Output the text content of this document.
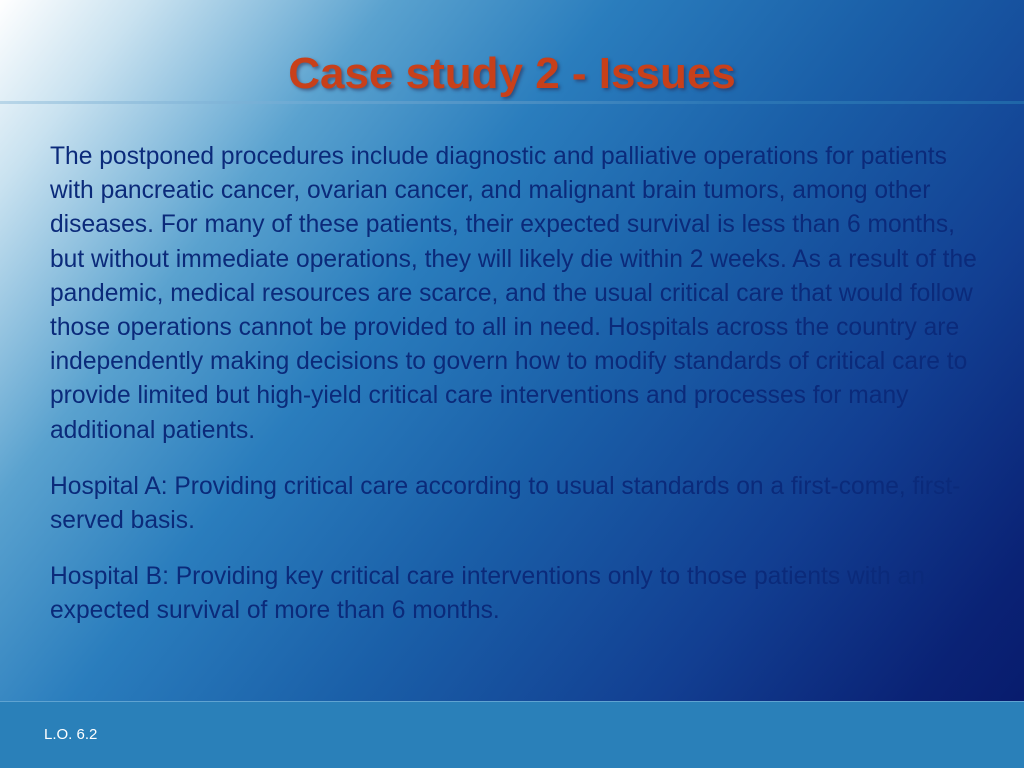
Case study 2 - Issues

The postponed procedures include diagnostic and palliative operations for patients with pancreatic cancer, ovarian cancer, and malignant brain tumors, among other diseases. For many of these patients, their expected survival is less than 6 months, but without immediate operations, they will likely die within 2 weeks. As a result of the pandemic, medical resources are scarce, and the usual critical care that would follow those operations cannot be provided to all in need. Hospitals across the country are independently making decisions to govern how to modify standards of critical care to provide limited but high-yield critical care interventions and processes for many additional patients.

Hospital A: Providing critical care according to usual standards on a first-come, first-served basis.

Hospital B: Providing key critical care interventions only to those patients with an expected survival of more than 6 months.

L.O. 6.2
